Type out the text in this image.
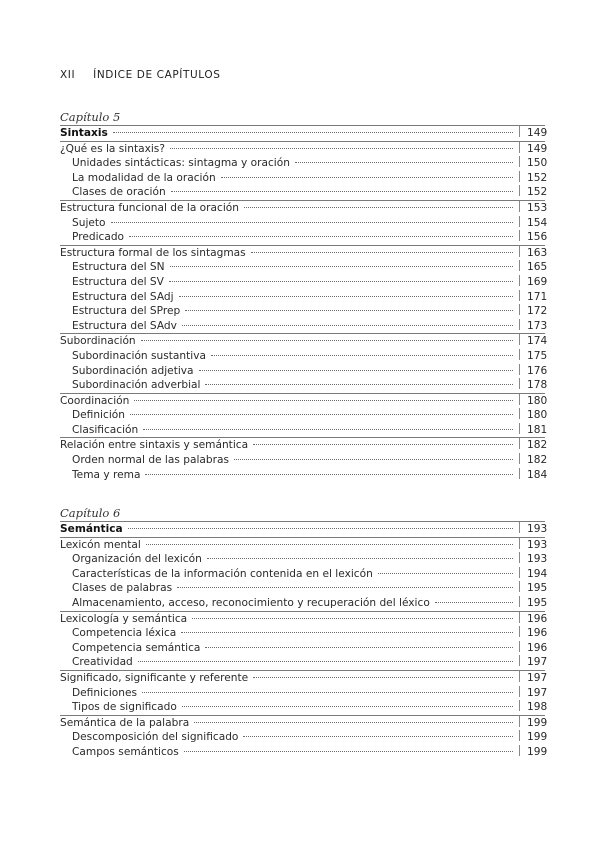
XII ÍNDICE DE CAPÍTULOS
Capítulo 5
Sintaxis	149
¿Qué es la sintaxis?	149
Unidades sintácticas: sintagma y oración	150
La modalidad de la oración	152
Clases de oración	152
Estructura funcional de la oración	153
Sujeto	154
Predicado	156
Estructura formal de los sintagmas	163
Estructura del SN	165
Estructura del SV	169
Estructura del SAdj	171
Estructura del SPrep	172
Estructura del SAdv	173
Subordinación	174
Subordinación sustantiva	175
Subordinación adjetiva	176
Subordinación adverbial	178
Coordinación	180
Definición	180
Clasificación	181
Relación entre sintaxis y semántica	182
Orden normal de las palabras	182
Tema y rema	184
Capítulo 6
Semántica	193
Lexicón mental	193
Organización del lexicón	193
Características de la información contenida en el lexicón	194
Clases de palabras	195
Almacenamiento, acceso, reconocimiento y recuperación del léxico	195
Lexicología y semántica	196
Competencia léxica	196
Competencia semántica	196
Creatividad	197
Significado, significante y referente	197
Definiciones	197
Tipos de significado	198
Semántica de la palabra	199
Descomposición del significado	199
Campos semánticos	199
